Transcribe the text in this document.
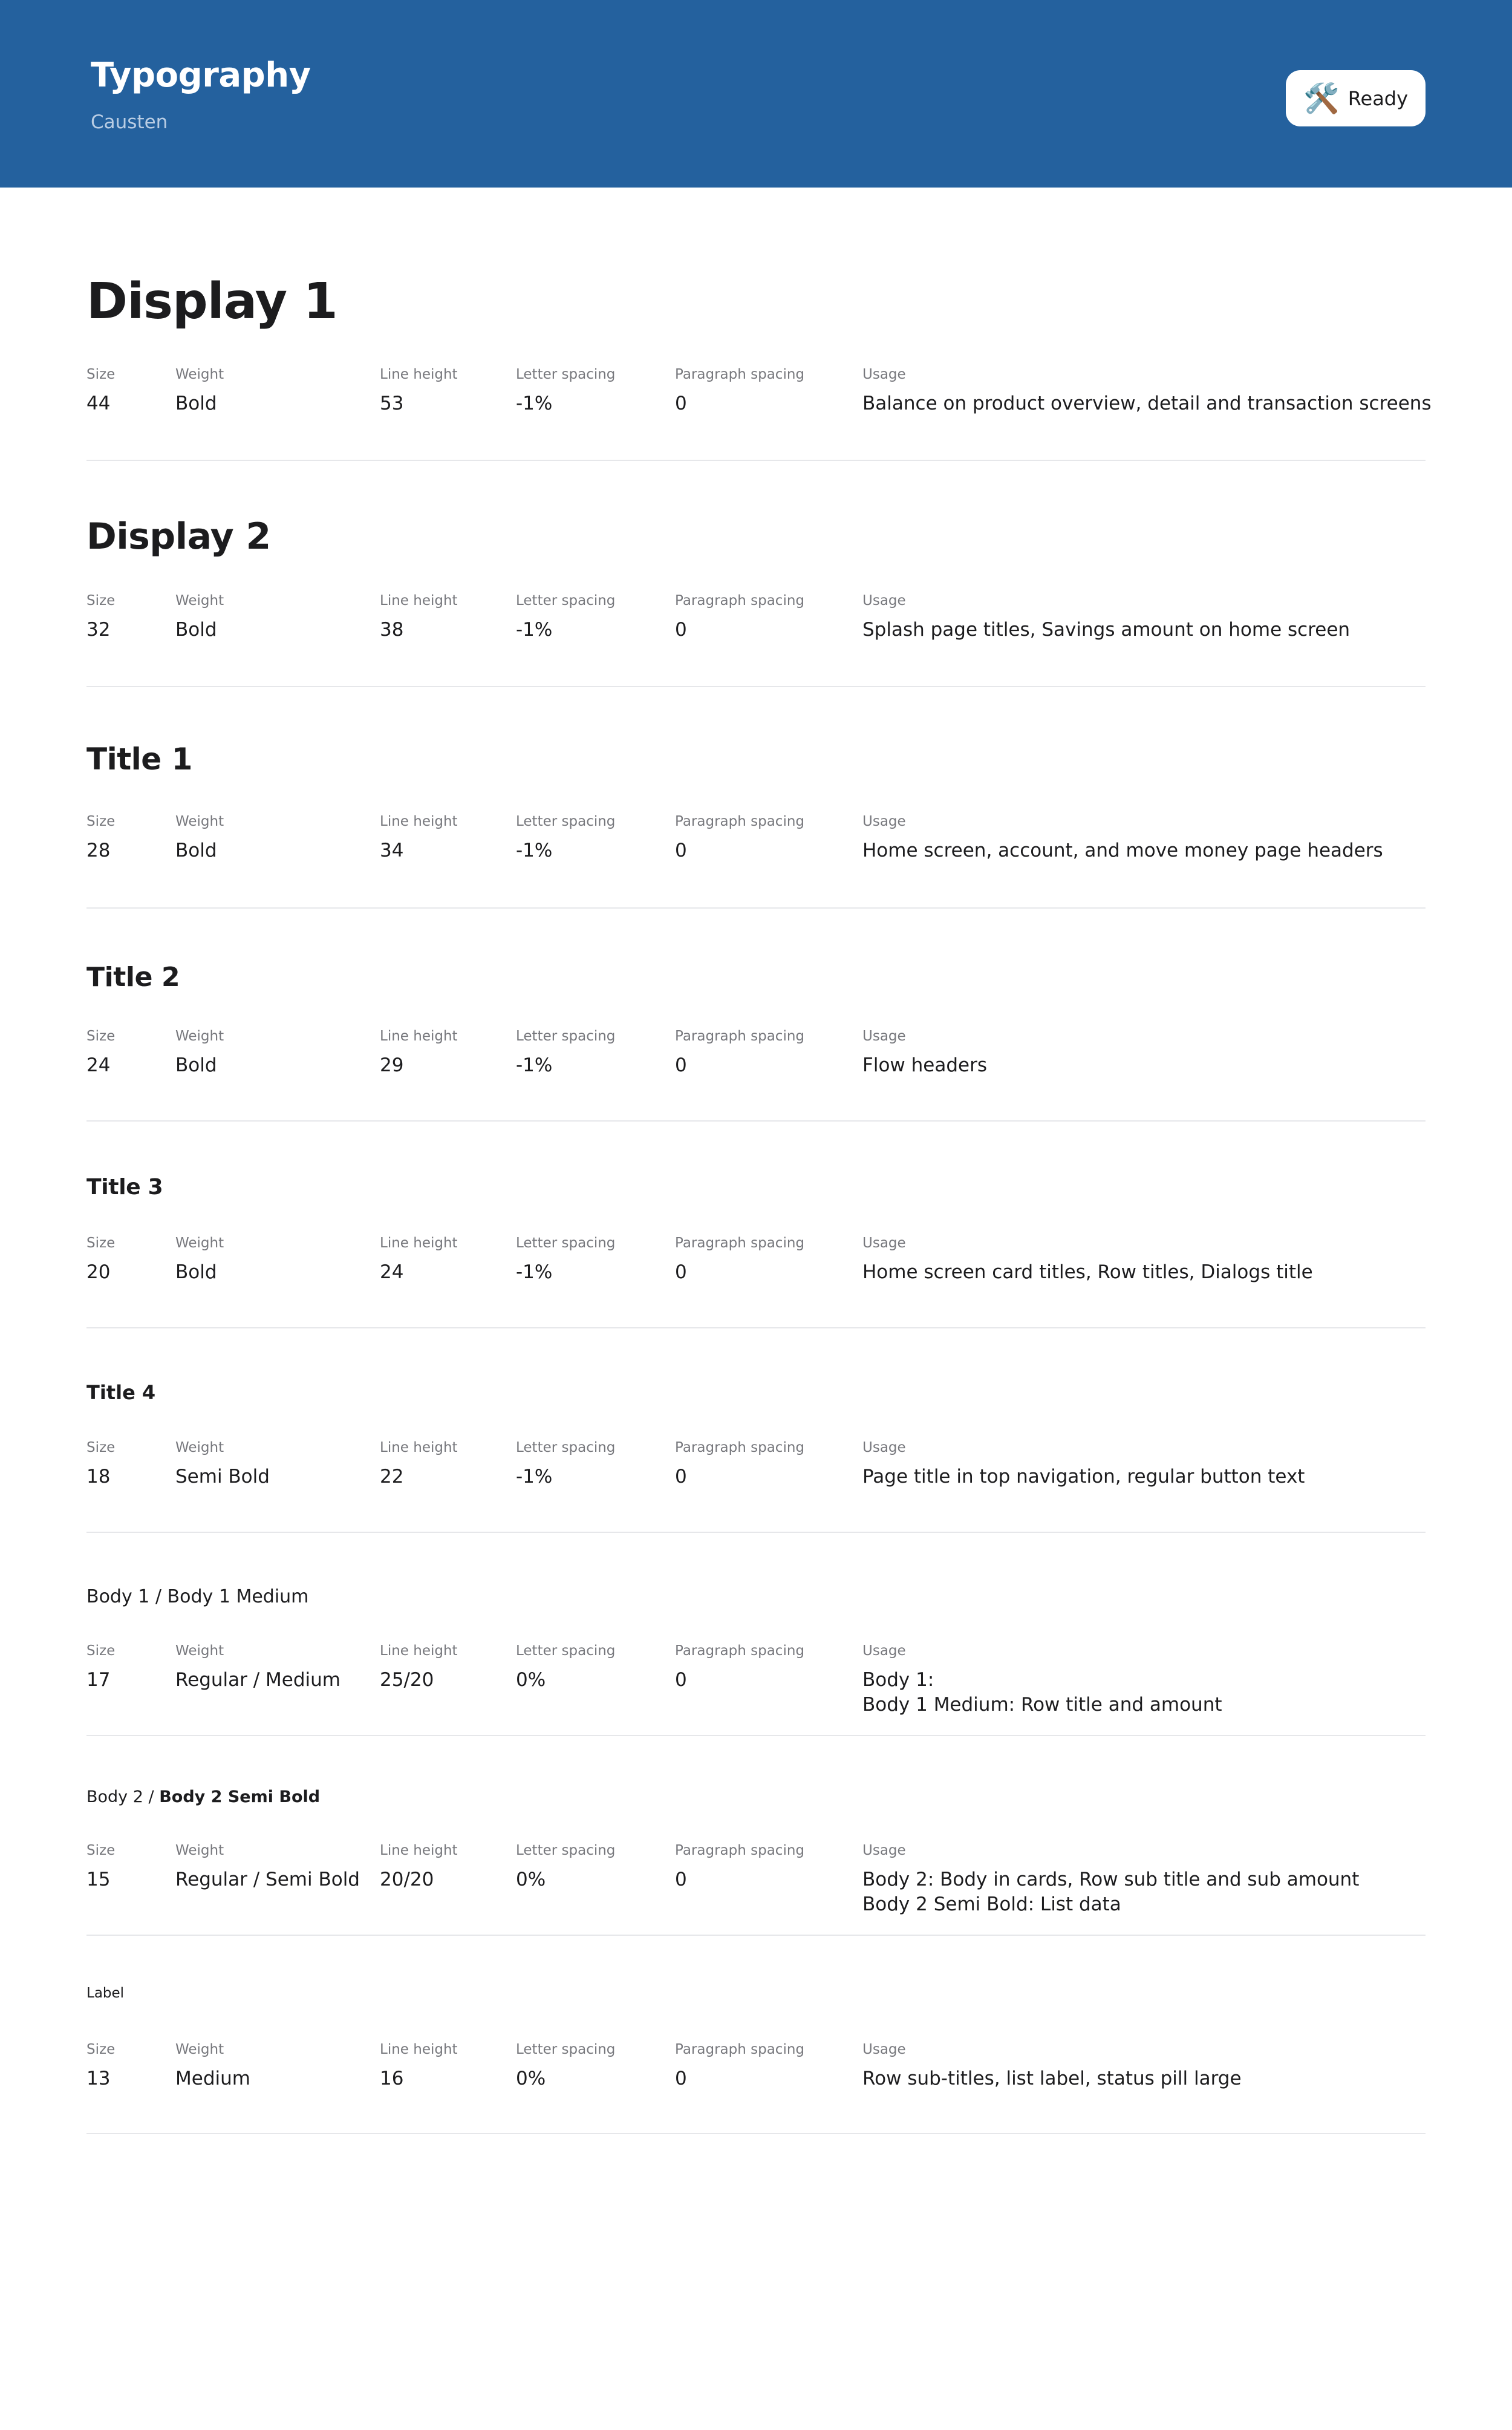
Typography
Causten
🛠️ Ready
Display 1
Size
44
Weight
Bold
Line height
53
Letter spacing
-1%
Paragraph spacing
0
Usage
Balance on product overview, detail and transaction screens
Display 2
Size
32
Weight
Bold
Line height
38
Letter spacing
-1%
Paragraph spacing
0
Usage
Splash page titles, Savings amount on home screen
Title 1
Size
28
Weight
Bold
Line height
34
Letter spacing
-1%
Paragraph spacing
0
Usage
Home screen, account, and move money page headers
Title 2
Size
24
Weight
Bold
Line height
29
Letter spacing
-1%
Paragraph spacing
0
Usage
Flow headers
Title 3
Size
20
Weight
Bold
Line height
24
Letter spacing
-1%
Paragraph spacing
0
Usage
Home screen card titles, Row titles, Dialogs title
Title 4
Size
18
Weight
Semi Bold
Line height
22
Letter spacing
-1%
Paragraph spacing
0
Usage
Page title in top navigation, regular button text
Body 1 / Body 1 Medium
Size
17
Weight
Regular / Medium
Line height
25/20
Letter spacing
0%
Paragraph spacing
0
Usage
Body 1:
Body 1 Medium: Row title and amount
Body 2 / Body 2 Semi Bold
Size
15
Weight
Regular / Semi Bold
Line height
20/20
Letter spacing
0%
Paragraph spacing
0
Usage
Body 2: Body in cards, Row sub title and sub amount
Body 2 Semi Bold: List data
Label
Size
13
Weight
Medium
Line height
16
Letter spacing
0%
Paragraph spacing
0
Usage
Row sub-titles, list label, status pill large
